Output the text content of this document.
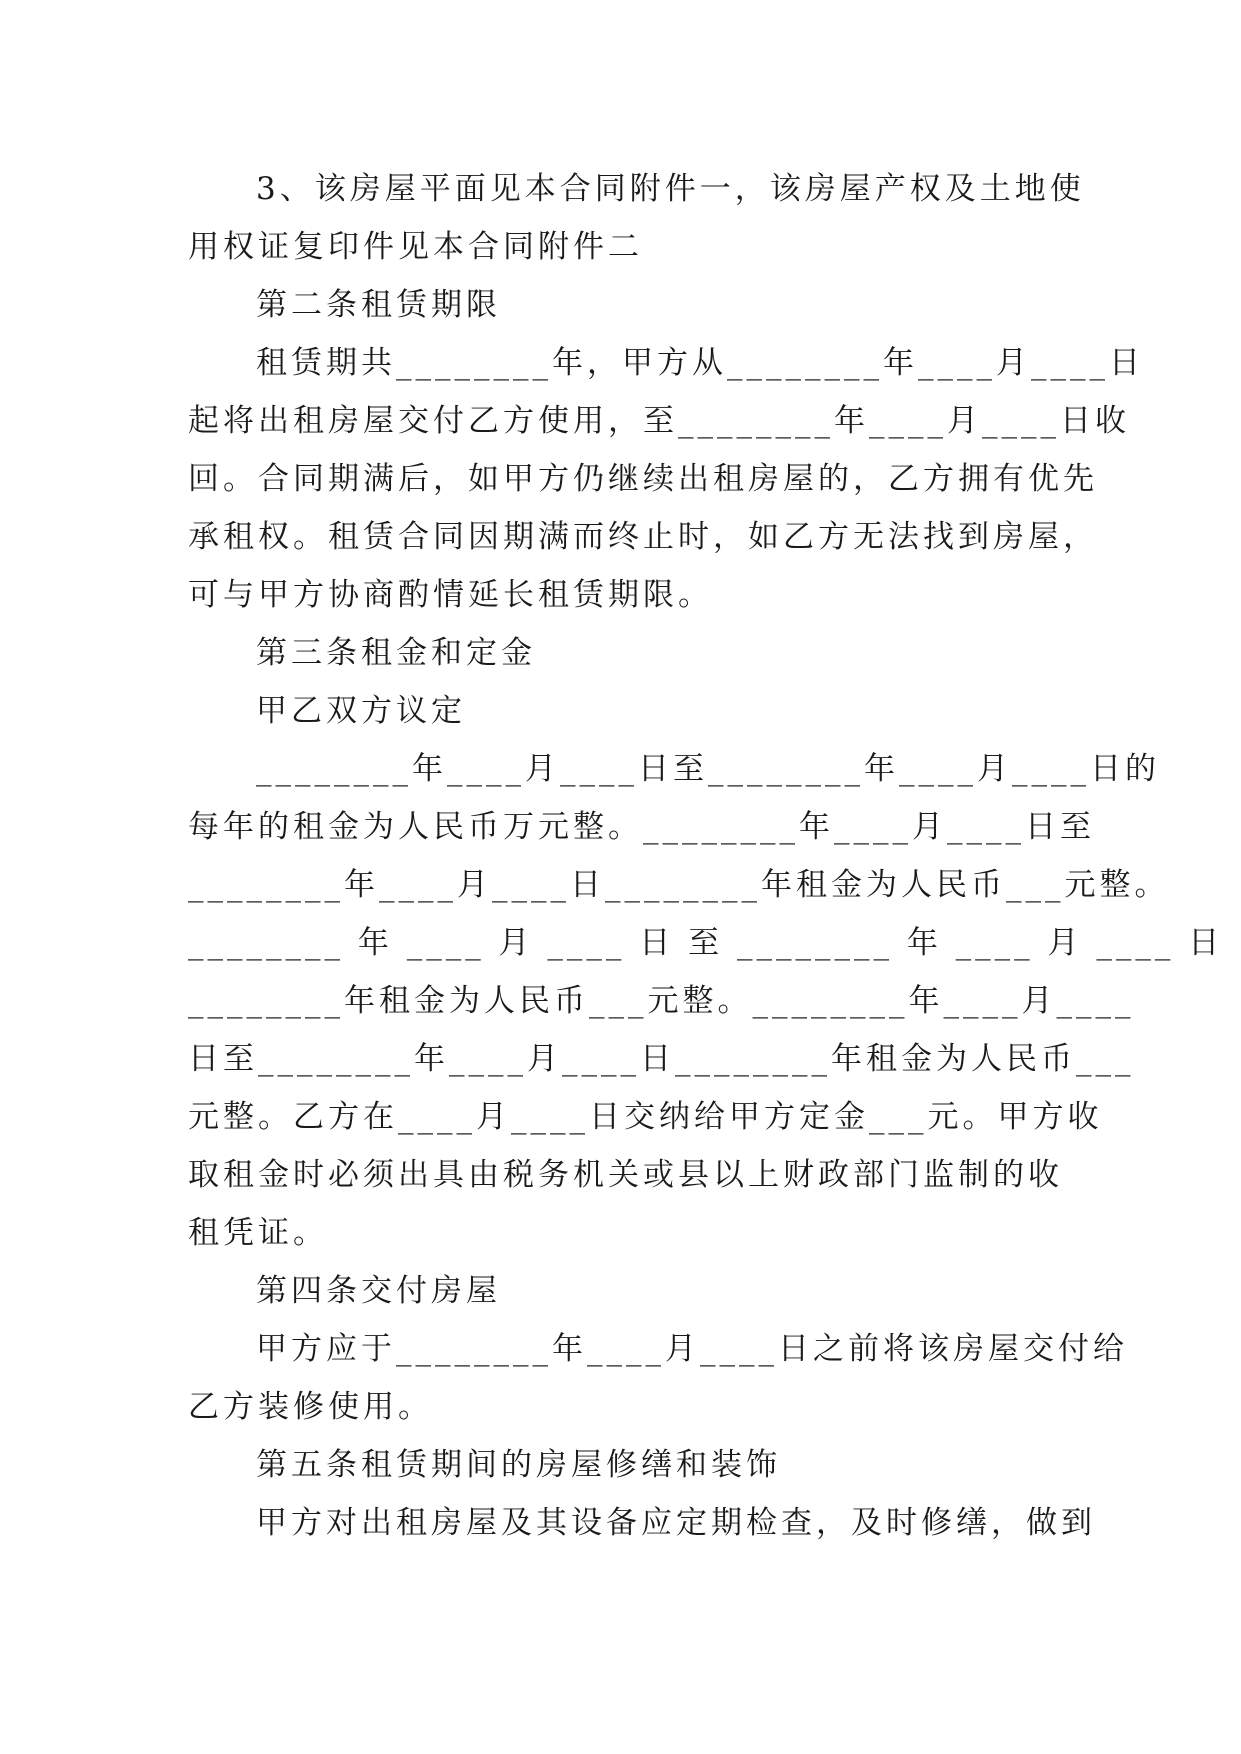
3、该房屋平面见本合同附件一，该房屋产权及土地使
用权证复印件见本合同附件二
第二条租赁期限
租赁期共________年，甲方从________年____月____日
起将出租房屋交付乙方使用，至________年____月____日收
回。合同期满后，如甲方仍继续出租房屋的，乙方拥有优先
承租权。租赁合同因期满而终止时，如乙方无法找到房屋，
可与甲方协商酌情延长租赁期限。
第三条租金和定金
甲乙双方议定
________年____月____日至________年____月____日的
每年的租金为人民币万元整。________年____月____日至
________年____月____日________年租金为人民币___元整。
________ 年 ____ 月 ____ 日 至 ________ 年 ____ 月 ____ 日
________年租金为人民币___元整。________年____月____
日至________年____月____日________年租金为人民币___
元整。乙方在____月____日交纳给甲方定金___元。甲方收
取租金时必须出具由税务机关或县以上财政部门监制的收
租凭证。
第四条交付房屋
甲方应于________年____月____日之前将该房屋交付给
乙方装修使用。
第五条租赁期间的房屋修缮和装饰
甲方对出租房屋及其设备应定期检查，及时修缮，做到
